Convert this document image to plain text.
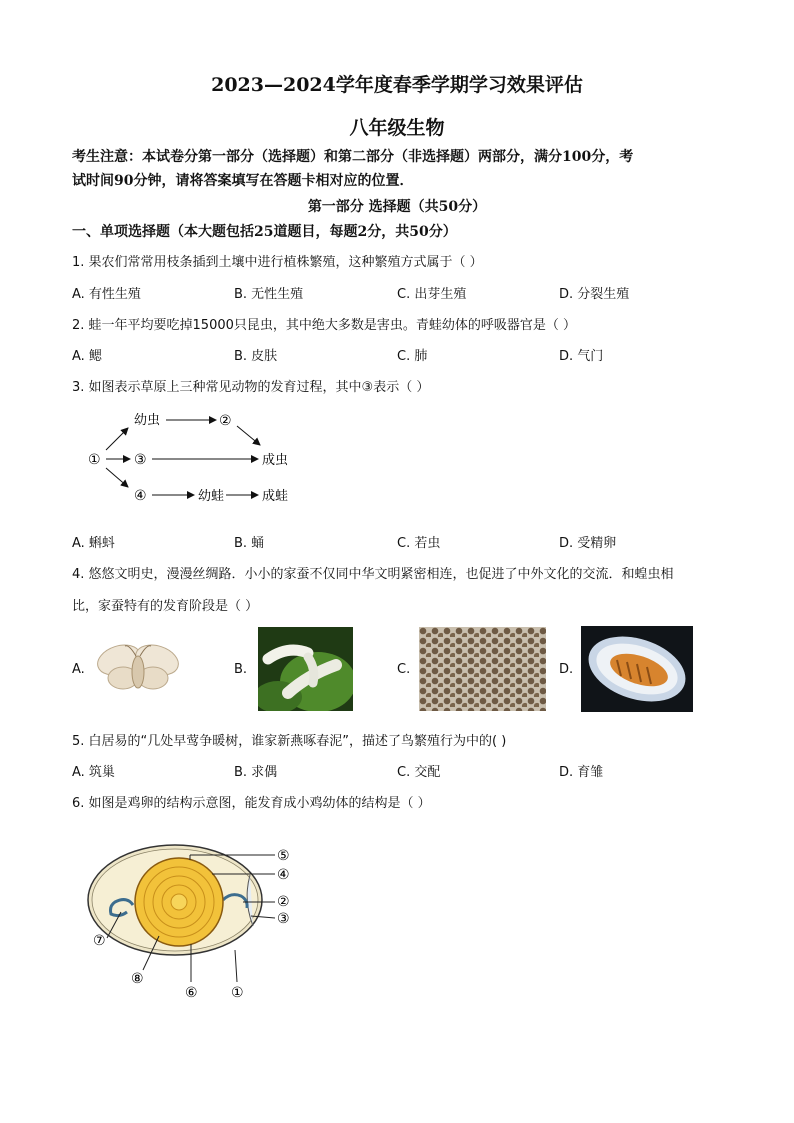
2023—2024学年度春季学期学习效果评估
八年级生物
考生注意：本试卷分第一部分（选择题）和第二部分（非选择题）两部分，满分100分，考
试时间90分钟，请将答案填写在答题卡相对应的位置．
第一部分 选择题（共50分）
一、单项选择题（本大题包括25道题目，每题2分，共50分）
1. 果农们常常用枝条插到土壤中进行植株繁殖，这种繁殖方式属于（ ）
A. 有性生殖	B. 无性生殖	C. 出芽生殖	D. 分裂生殖
2. 蛙一年平均要吃掉15000只昆虫，其中绝大多数是害虫。青蛙幼体的呼吸器官是（ ）
A. 鳃	B. 皮肤	C. 肺	D. 气门
3. 如图表示草原上三种常见动物的发育过程，其中③表示（ ）
幼虫	②
① ③	成虫
④	幼蛙	成蛙
A. 蝌蚪	B. 蛹	C. 若虫	D. 受精卵
4. 悠悠文明史，漫漫丝绸路．小小的家蚕不仅同中华文明紧密相连，也促进了中外文化的交流．和蝗虫相
比，家蚕特有的发育阶段是（ ）
A.	B.	C.	D.
5. 白居易的“几处早莺争暖树，谁家新燕啄春泥”，描述了鸟繁殖行为中的( )
A. 筑巢	B. 求偶	C. 交配	D. 育雏
6. 如图是鸡卵的结构示意图，能发育成小鸡幼体的结构是（ ）
⑤
④
②
③
⑦
⑧
⑥ ①
